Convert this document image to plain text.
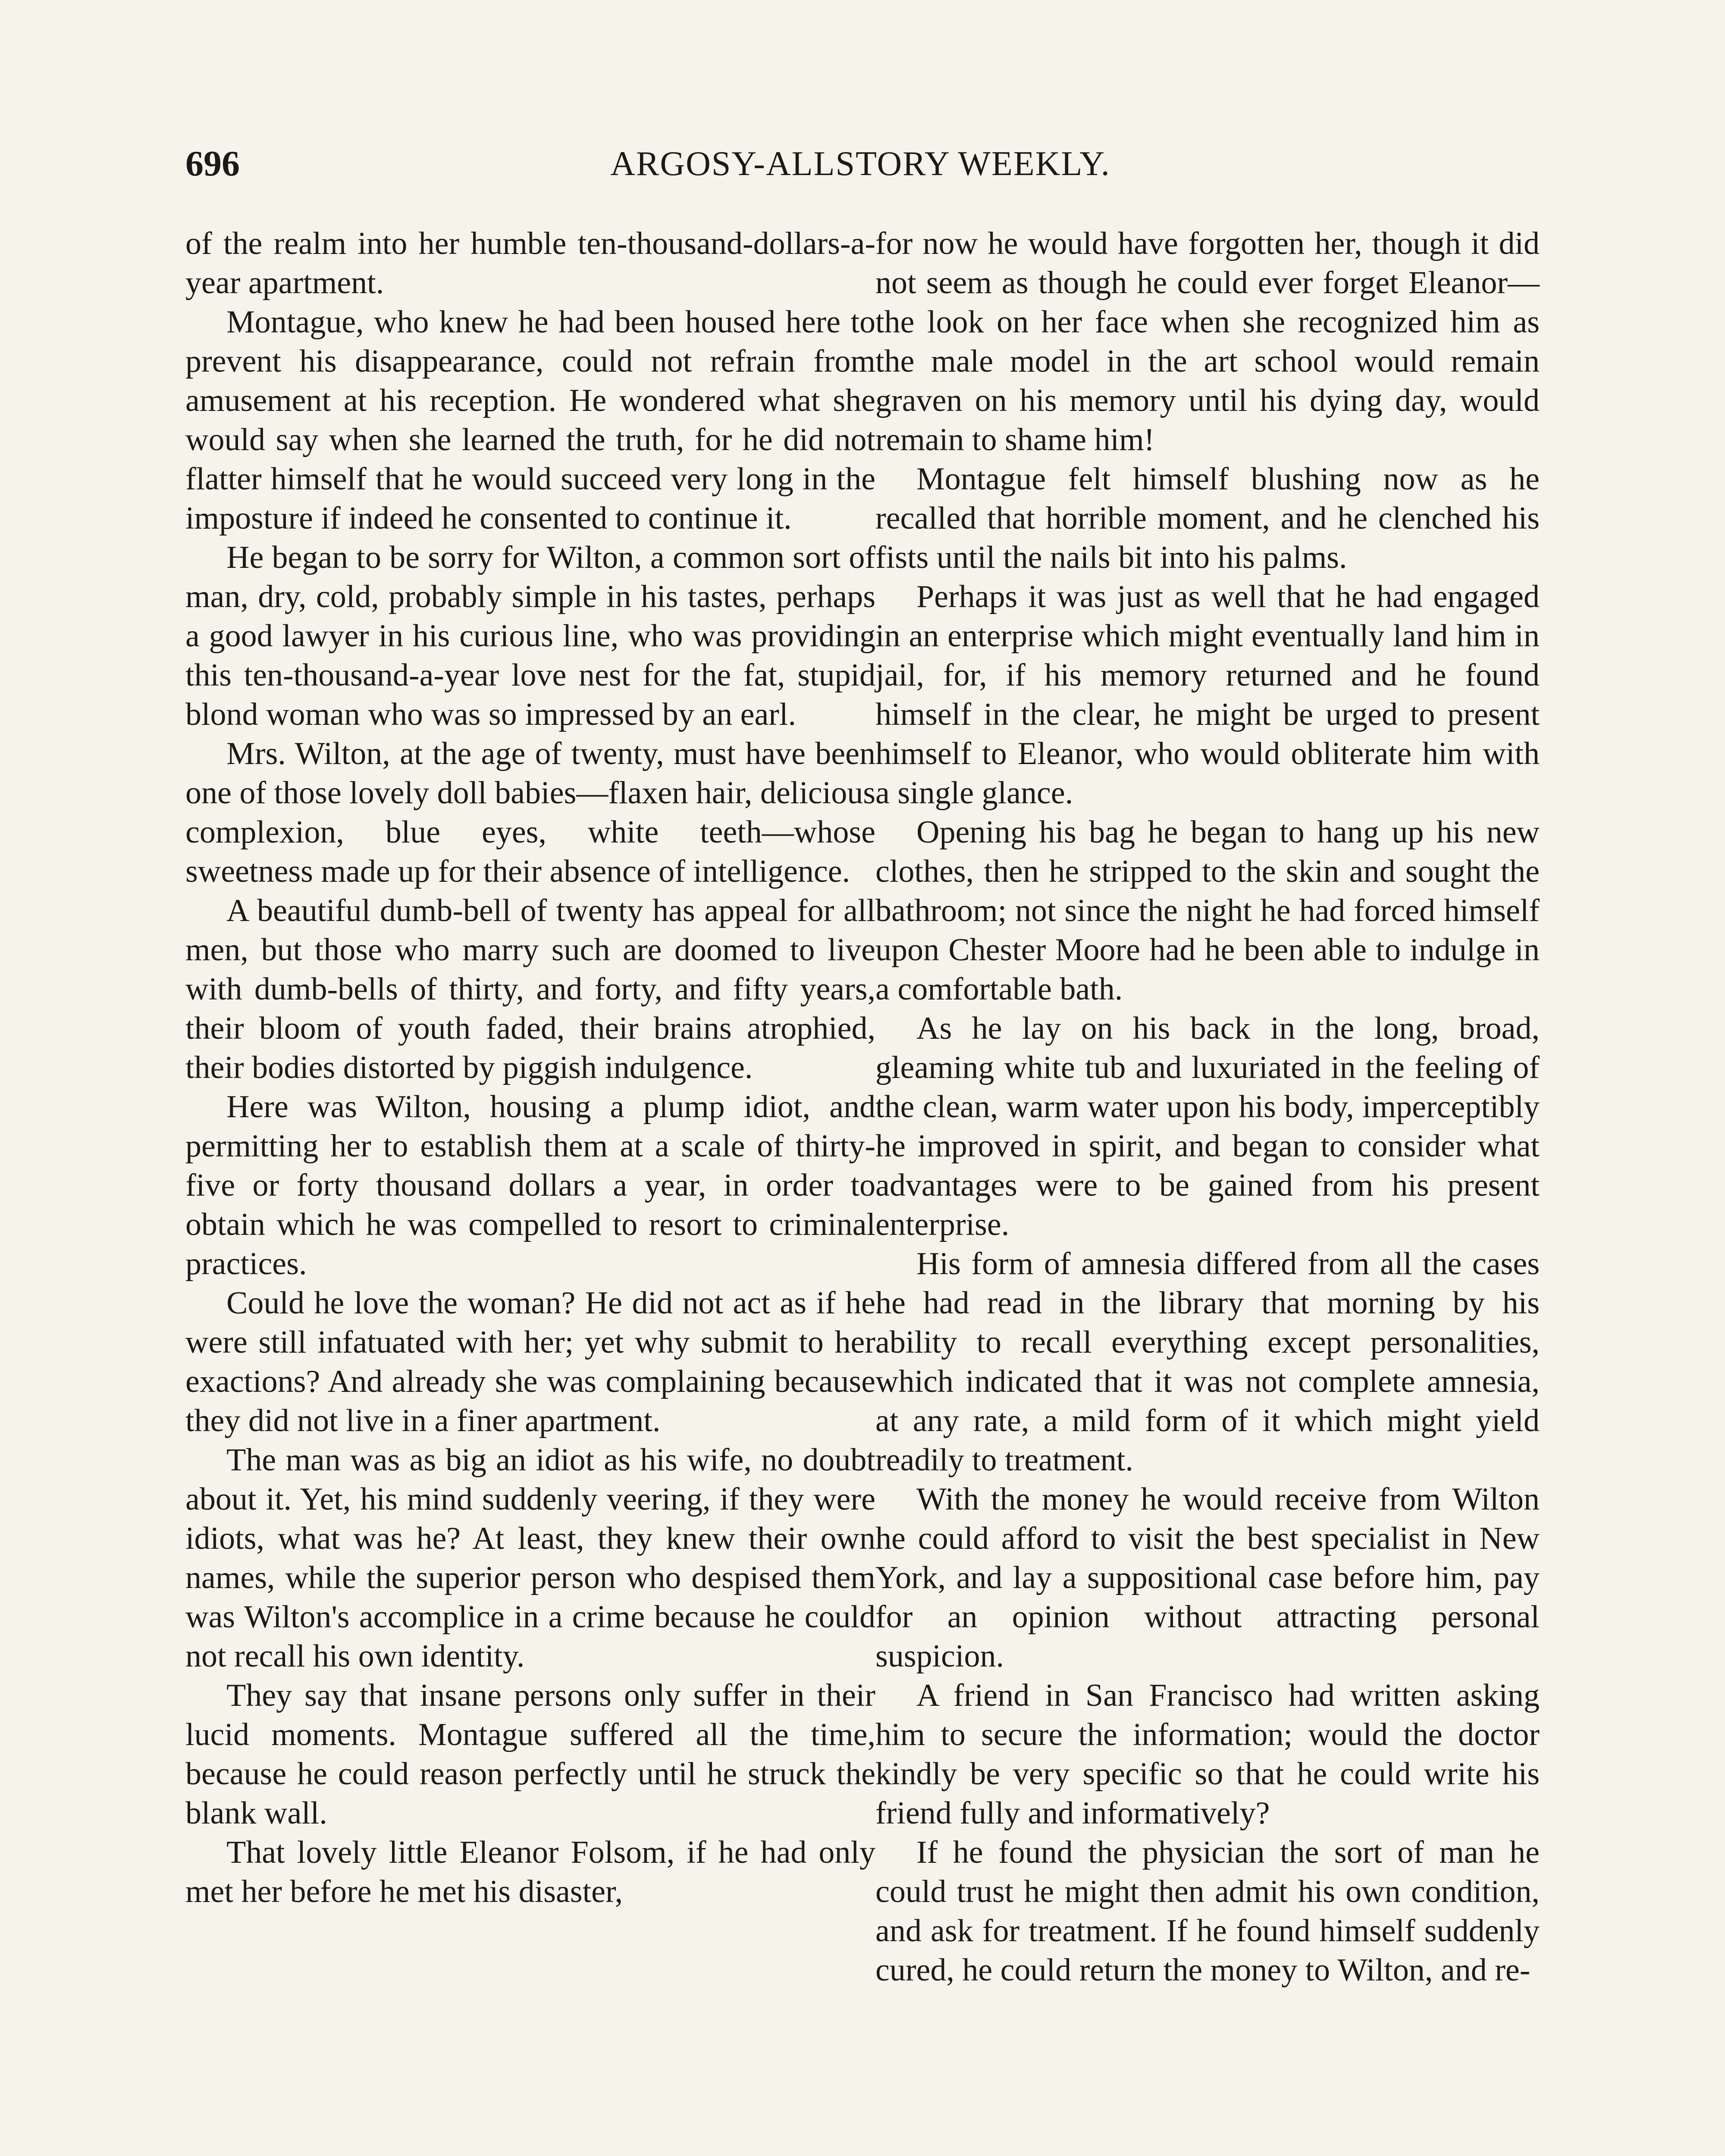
696	ARGOSY-ALLSTORY WEEKLY.

of the realm into her humble ten-thousand-dollars-a-year apartment.

Montague, who knew he had been housed here to prevent his disappearance, could not refrain from amusement at his reception. He wondered what she would say when she learned the truth, for he did not flatter himself that he would succeed very long in the imposture if indeed he consented to continue it.

He began to be sorry for Wilton, a common sort of man, dry, cold, probably simple in his tastes, perhaps a good lawyer in his curious line, who was providing this ten-thousand-a-year love nest for the fat, stupid blond woman who was so impressed by an earl.

Mrs. Wilton, at the age of twenty, must have been one of those lovely doll babies—flaxen hair, delicious complexion, blue eyes, white teeth—whose sweetness made up for their absence of intelligence.

A beautiful dumb-bell of twenty has appeal for all men, but those who marry such are doomed to live with dumb-bells of thirty, and forty, and fifty years, their bloom of youth faded, their brains atrophied, their bodies distorted by piggish indulgence.

Here was Wilton, housing a plump idiot, and permitting her to establish them at a scale of thirty-five or forty thousand dollars a year, in order to obtain which he was compelled to resort to criminal practices.

Could he love the woman? He did not act as if he were still infatuated with her; yet why submit to her exactions? And already she was complaining because they did not live in a finer apartment.

The man was as big an idiot as his wife, no doubt about it. Yet, his mind suddenly veering, if they were idiots, what was he? At least, they knew their own names, while the superior person who despised them was Wilton's accomplice in a crime because he could not recall his own identity.

They say that insane persons only suffer in their lucid moments. Montague suffered all the time, because he could reason perfectly until he struck the blank wall.

That lovely little Eleanor Folsom, if he had only met her before he met his disaster,

for now he would have forgotten her, though it did not seem as though he could ever forget Eleanor—the look on her face when she recognized him as the male model in the art school would remain graven on his memory until his dying day, would remain to shame him!

Montague felt himself blushing now as he recalled that horrible moment, and he clenched his fists until the nails bit into his palms.

Perhaps it was just as well that he had engaged in an enterprise which might eventually land him in jail, for, if his memory returned and he found himself in the clear, he might be urged to present himself to Eleanor, who would obliterate him with a single glance.

Opening his bag he began to hang up his new clothes, then he stripped to the skin and sought the bathroom; not since the night he had forced himself upon Chester Moore had he been able to indulge in a comfortable bath.

As he lay on his back in the long, broad, gleaming white tub and luxuriated in the feeling of the clean, warm water upon his body, imperceptibly he improved in spirit, and began to consider what advantages were to be gained from his present enterprise.

His form of amnesia differed from all the cases he had read in the library that morning by his ability to recall everything except personalities, which indicated that it was not complete amnesia, at any rate, a mild form of it which might yield readily to treatment.

With the money he would receive from Wilton he could afford to visit the best specialist in New York, and lay a suppositional case before him, pay for an opinion without attracting personal suspicion.

A friend in San Francisco had written asking him to secure the information; would the doctor kindly be very specific so that he could write his friend fully and informatively?

If he found the physician the sort of man he could trust he might then admit his own condition, and ask for treatment. If he found himself suddenly cured, he could return the money to Wilton, and re-
